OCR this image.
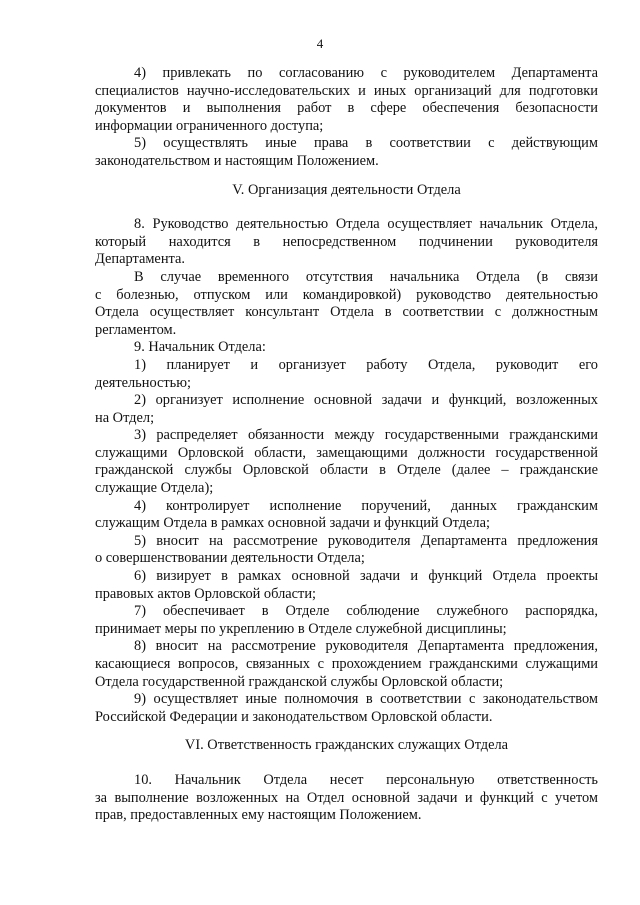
4
4) привлекать по согласованию с руководителем Департамента
специалистов научно-исследовательских и иных организаций для подготовки
документов и выполнения работ в сфере обеспечения безопасности
информации ограниченного доступа;
5) осуществлять иные права в соответствии с действующим
законодательством и настоящим Положением.
V. Организация деятельности Отдела
8. Руководство деятельностью Отдела осуществляет начальник Отдела,
который находится в непосредственном подчинении руководителя
Департамента.
В случае временного отсутствия начальника Отдела (в связи
с болезнью, отпуском или командировкой) руководство деятельностью
Отдела осуществляет консультант Отдела в соответствии с должностным
регламентом.
9. Начальник Отдела:
1) планирует и организует работу Отдела, руководит его
деятельностью;
2) организует исполнение основной задачи и функций, возложенных
на Отдел;
3) распределяет обязанности между государственными гражданскими
служащими Орловской области, замещающими должности государственной
гражданской службы Орловской области в Отделе (далее – гражданские
служащие Отдела);
4) контролирует исполнение поручений, данных гражданским
служащим Отдела в рамках основной задачи и функций Отдела;
5) вносит на рассмотрение руководителя Департамента предложения
о совершенствовании деятельности Отдела;
6) визирует в рамках основной задачи и функций Отдела проекты
правовых актов Орловской области;
7) обеспечивает в Отделе соблюдение служебного распорядка,
принимает меры по укреплению в Отделе служебной дисциплины;
8) вносит на рассмотрение руководителя Департамента предложения,
касающиеся вопросов, связанных с прохождением гражданскими служащими
Отдела государственной гражданской службы Орловской области;
9) осуществляет иные полномочия в соответствии с законодательством
Российской Федерации и законодательством Орловской области.
VI. Ответственность гражданских служащих Отдела
10. Начальник Отдела несет персональную ответственность
за выполнение возложенных на Отдел основной задачи и функций с учетом
прав, предоставленных ему настоящим Положением.
